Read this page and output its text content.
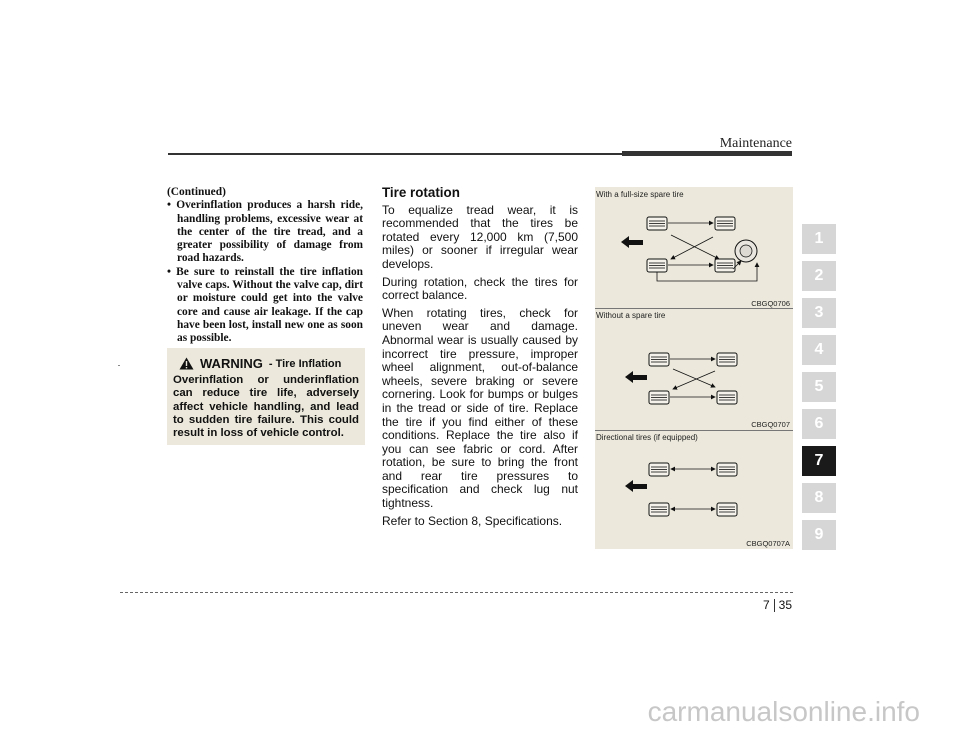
Maintenance
(Continued)

• Overinflation produces a harsh ride, handling problems, excessive wear at the center of the tire tread, and a greater possibility of damage from road hazards.

• Be sure to reinstall the tire inflation valve caps. Without the valve cap, dirt or moisture could get into the valve core and cause air leakage. If the cap have been lost, install new one as soon as possible.

WARNING - Tire Inflation
Overinflation or underinflation can reduce tire life, adversely affect vehicle handling, and lead to sudden tire failure. This could result in loss of vehicle control.
Tire rotation

To equalize tread wear, it is recommended that the tires be rotated every 12,000 km (7,500 miles) or sooner if irregular wear develops.

During rotation, check the tires for correct balance.

When rotating tires, check for uneven wear and damage. Abnormal wear is usually caused by incorrect tire pressure, improper wheel alignment, out-of-balance wheels, severe braking or severe cornering. Look for bumps or bulges in the tread or side of tire. Replace the tire if you find either of these conditions. Replace the tire also if you can see fabric or cord. After rotation, be sure to bring the front and rear tire pressures to specification and check lug nut tightness.

Refer to Section 8, Specifications.

With a full-size spare tire
CBGQ0706
Without a spare tire
CBGQ0707
Directional tires (if equipped)
CBGQ0707A
1
2
3
4
5
6
7
8
9
7 35
carmanualsonline.info
